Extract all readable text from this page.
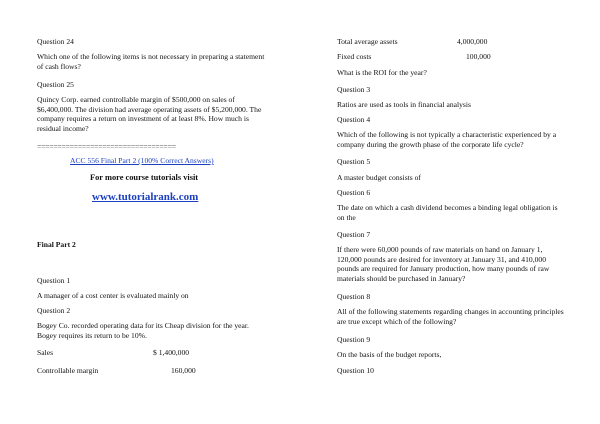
Question 24
Which one of the following items is not necessary in preparing a statement of cash flows?
Question 25
Quincy Corp. earned controllable margin of $500,000 on sales of $6,400,000. The division had average operating assets of $5,200,000. The company requires a return on investment of at least 8%. How much is residual income?
==================================
ACC 556 Final Part 2 (100% Correct Answers)
For more course tutorials visit
www.tutorialrank.com
Final Part 2
Question 1
A manager of a cost center is evaluated mainly on
Question 2
Bogey Co. recorded operating data for its Cheap division for the year. Bogey requires its return to be 10%.
Sales	$ 1,400,000
Controllable margin	160,000
Total average assets	4,000,000
Fixed costs	100,000
What is the ROI for the year?
Question 3
Ratios are used as tools in financial analysis
Question 4
Which of the following is not typically a characteristic experienced by a company during the growth phase of the corporate life cycle?
Question 5
A master budget consists of
Question 6
The date on which a cash dividend becomes a binding legal obligation is on the
Question 7
If there were 60,000 pounds of raw materials on hand on January 1, 120,000 pounds are desired for inventory at January 31, and 410,000 pounds are required for January production, how many pounds of raw materials should be purchased in January?
Question 8
All of the following statements regarding changes in accounting principles are true except which of the following?
Question 9
On the basis of the budget reports,
Question 10
